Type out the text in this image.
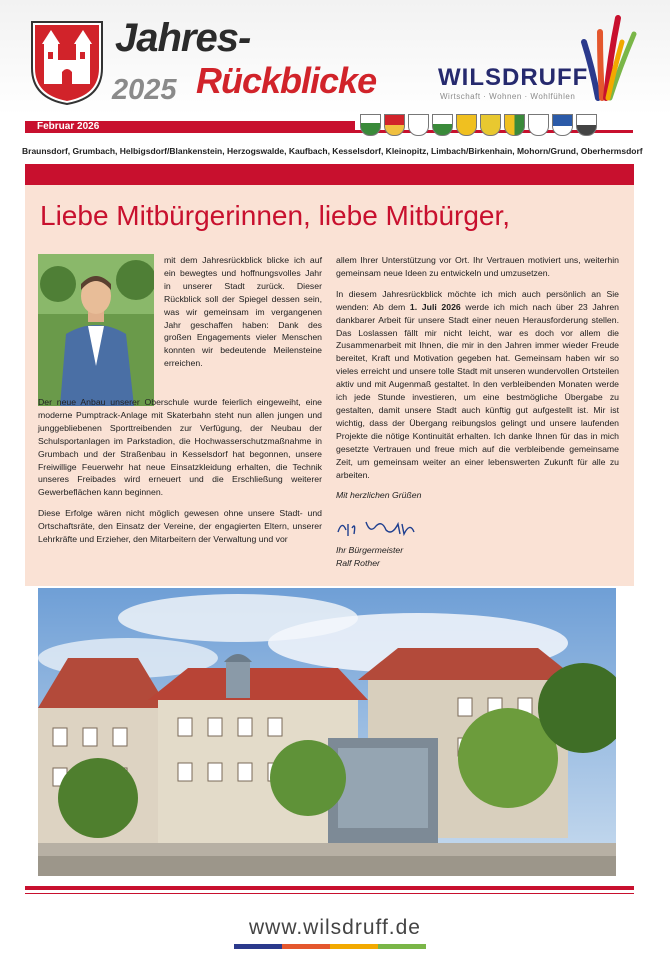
Jahres-
2025 Rückblicke	WILSDRUFF
Wirtschaft · Wohnen · Wohlfühlen
Februar 2026
Braunsdorf, Grumbach, Helbigsdorf/Blankenstein, Herzogswalde, Kaufbach, Kesselsdorf, Kleinopitz, Limbach/Birkenhain, Mohorn/Grund, Oberhermsdorf
Liebe Mitbürgerinnen, liebe Mitbürger,

mit dem Jahresrückblick blicke ich auf ein bewegtes und hoffnungsvolles Jahr in unserer Stadt zurück. Dieser Rückblick soll der Spiegel dessen sein, was wir gemeinsam im vergangenen Jahr geschaffen haben: Dank des großen Engagements vieler Menschen konnten wir bedeutende Meilensteine erreichen.

Der neue Anbau unserer Oberschule wurde feierlich eingeweiht, eine moderne Pumptrack-Anlage mit Skaterbahn steht nun allen jungen und junggebliebenen Sporttreibenden zur Verfügung, der Neubau der Schulsportanlagen im Parkstadion, die Hochwasserschutzmaßnahme in Grumbach und der Straßenbau in Kesselsdorf hat begonnen, unsere Freiwillige Feuerwehr hat neue Einsatzkleidung erhalten, die Technik unseres Freibades wird erneuert und die Erschließung weiterer Gewerbeflächen kann beginnen.

Diese Erfolge wären nicht möglich gewesen ohne unsere Stadt- und Ortschaftsräte, den Einsatz der Vereine, der engagierten Eltern, unserer Lehrkräfte und Erzieher, den Mitarbeitern der Verwaltung und vor

allem Ihrer Unterstützung vor Ort. Ihr Vertrauen motiviert uns, weiterhin gemeinsam neue Ideen zu entwickeln und umzusetzen.

In diesem Jahresrückblick möchte ich mich auch persönlich an Sie wenden: Ab dem 1. Juli 2026 werde ich mich nach über 23 Jahren dankbarer Arbeit für unsere Stadt einer neuen Herausforderung stellen. Das Loslassen fällt mir nicht leicht, war es doch vor allem die Zusammenarbeit mit Ihnen, die mir in den Jahren immer wieder Freude bereitet, Kraft und Motivation gegeben hat. Gemeinsam haben wir so vieles erreicht und unsere tolle Stadt mit unseren wundervollen Ortsteilen aktiv und mit Augenmaß gestaltet. In den verbleibenden Monaten werde ich jede Stunde investieren, um eine bestmögliche Übergabe zu gestalten, damit unsere Stadt auch künftig gut aufgestellt ist. Mir ist wichtig, dass der Übergang reibungslos gelingt und unsere laufenden Projekte die nötige Kontinuität erhalten. Ich danke Ihnen für das in mich gesetzte Vertrauen und freue mich auf die verbleibende gemeinsame Zeit, um gemeinsam weiter an einer lebenswerten Zukunft für alle zu arbeiten.

Mit herzlichen Grüßen

Ihr Bürgermeister
Ralf Rother
www.wilsdruff.de
